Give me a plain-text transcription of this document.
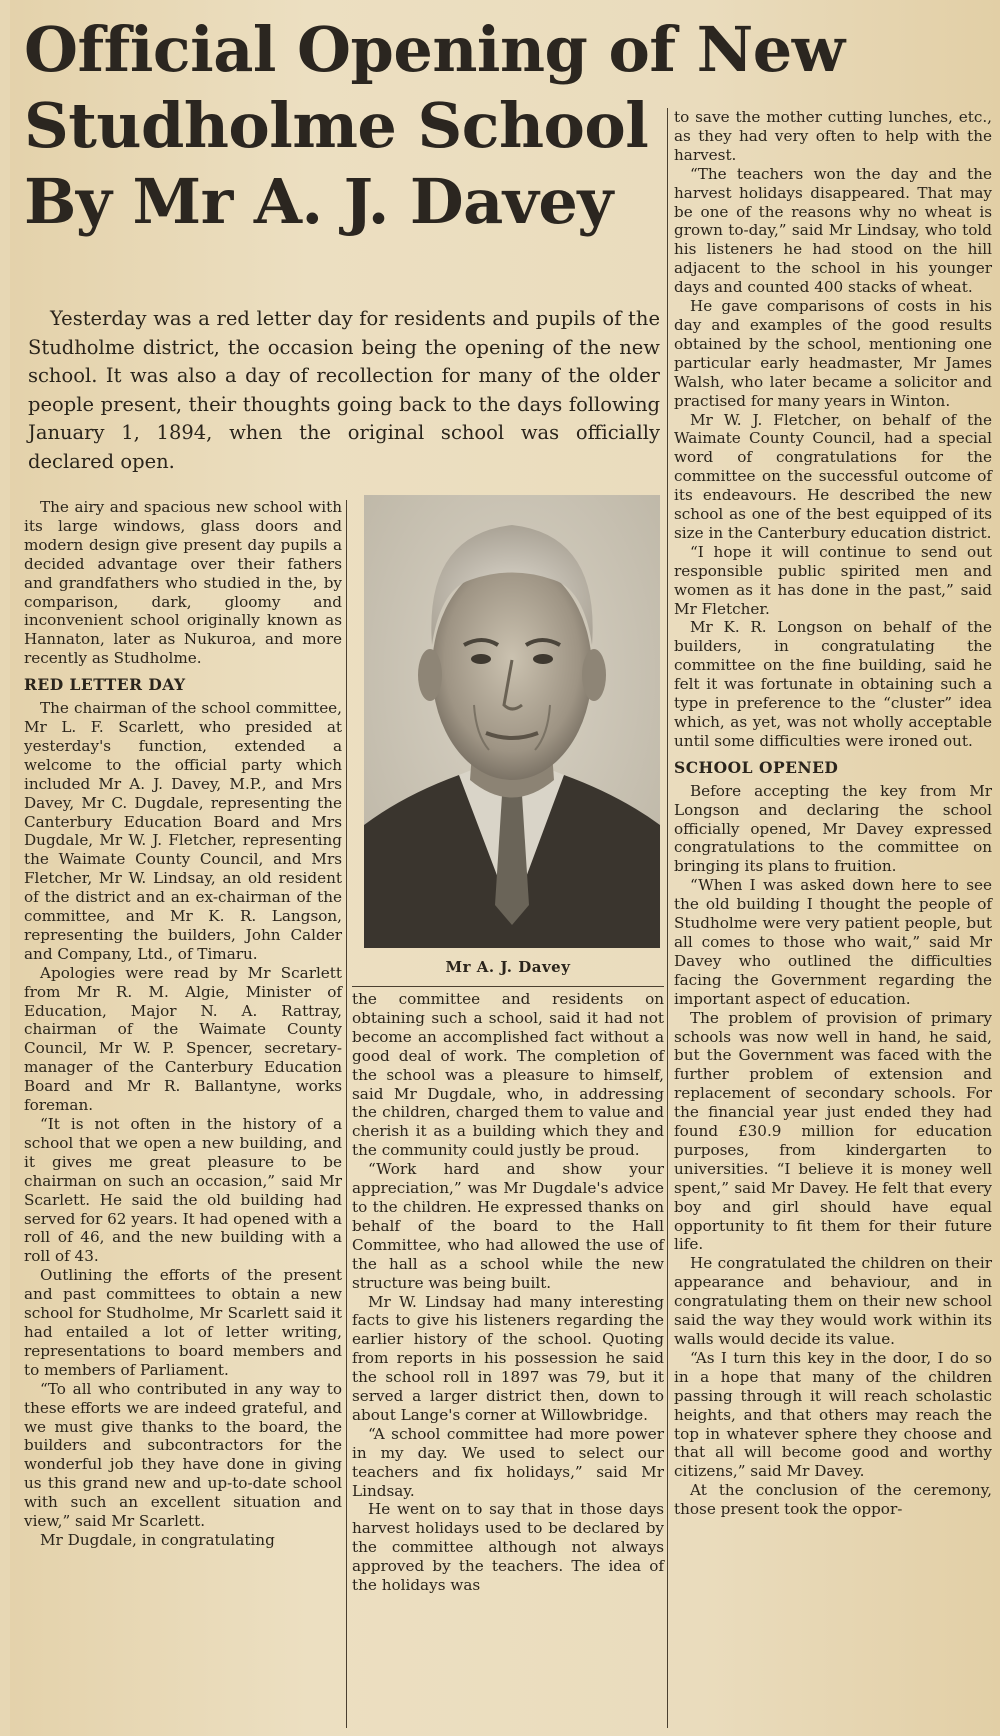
Official Opening of New
Studholme School
By Mr A. J. Davey

Yesterday was a red letter day for residents and pupils of the Studholme district, the occasion being the opening of the new school. It was also a day of recollection for many of the older people present, their thoughts going back to the days following January 1, 1894, when the original school was officially declared open.

The airy and spacious new school with its large windows, glass doors and modern design give present day pupils a decided advantage over their fathers and grandfathers who studied in the, by comparison, dark, gloomy and inconvenient school originally known as Hannaton, later as Nukuroa, and more recently as Studholme.

RED LETTER DAY

The chairman of the school committee, Mr L. F. Scarlett, who presided at yesterday's function, extended a welcome to the official party which included Mr A. J. Davey, M.P., and Mrs Davey, Mr C. Dugdale, representing the Canterbury Education Board and Mrs Dugdale, Mr W. J. Fletcher, representing the Waimate County Council, and Mrs Fletcher, Mr W. Lindsay, an old resident of the district and an ex-chairman of the committee, and Mr K. R. Langson, representing the builders, John Calder and Company, Ltd., of Timaru.

Apologies were read by Mr Scarlett from Mr R. M. Algie, Minister of Education, Major N. A. Rattray, chairman of the Waimate County Council, Mr W. P. Spencer, secretary-manager of the Canterbury Education Board and Mr R. Ballantyne, works foreman.

“It is not often in the history of a school that we open a new building, and it gives me great pleasure to be chairman on such an occasion,” said Mr Scarlett. He said the old building had served for 62 years. It had opened with a roll of 46, and the new building with a roll of 43.

Outlining the efforts of the present and past committees to obtain a new school for Studholme, Mr Scarlett said it had entailed a lot of letter writing, representations to board members and to members of Parliament.

“To all who contributed in any way to these efforts we are indeed grateful, and we must give thanks to the board, the builders and subcontractors for the wonderful job they have done in giving us this grand new and up-to-date school with such an excellent situation and view,” said Mr Scarlett.

Mr Dugdale, in congratulating

Mr A. J. Davey

the committee and residents on obtaining such a school, said it had not become an accomplished fact without a good deal of work. The completion of the school was a pleasure to himself, said Mr Dugdale, who, in addressing the children, charged them to value and cherish it as a building which they and the community could justly be proud.

“Work hard and show your appreciation,” was Mr Dugdale's advice to the children. He expressed thanks on behalf of the board to the Hall Committee, who had allowed the use of the hall as a school while the new structure was being built.

Mr W. Lindsay had many interesting facts to give his listeners regarding the earlier history of the school. Quoting from reports in his possession he said the school roll in 1897 was 79, but it served a larger district then, down to about Lange's corner at Willowbridge.

“A school committee had more power in my day. We used to select our teachers and fix holidays,” said Mr Lindsay.

He went on to say that in those days harvest holidays used to be declared by the committee although not always approved by the teachers. The idea of the holidays was

to save the mother cutting lunches, etc., as they had very often to help with the harvest.

“The teachers won the day and the harvest holidays disappeared. That may be one of the reasons why no wheat is grown to-day,” said Mr Lindsay, who told his listeners he had stood on the hill adjacent to the school in his younger days and counted 400 stacks of wheat.

He gave comparisons of costs in his day and examples of the good results obtained by the school, mentioning one particular early headmaster, Mr James Walsh, who later became a solicitor and practised for many years in Winton.

Mr W. J. Fletcher, on behalf of the Waimate County Council, had a special word of congratulations for the committee on the successful outcome of its endeavours. He described the new school as one of the best equipped of its size in the Canterbury education district.

“I hope it will continue to send out responsible public spirited men and women as it has done in the past,” said Mr Fletcher.

Mr K. R. Longson on behalf of the builders, in congratulating the committee on the fine building, said he felt it was fortunate in obtaining such a type in preference to the “cluster” idea which, as yet, was not wholly acceptable until some difficulties were ironed out.

SCHOOL OPENED

Before accepting the key from Mr Longson and declaring the school officially opened, Mr Davey expressed congratulations to the committee on bringing its plans to fruition.

“When I was asked down here to see the old building I thought the people of Studholme were very patient people, but all comes to those who wait,” said Mr Davey who outlined the difficulties facing the Government regarding the important aspect of education.

The problem of provision of primary schools was now well in hand, he said, but the Government was faced with the further problem of extension and replacement of secondary schools. For the financial year just ended they had found £30.9 million for education purposes, from kindergarten to universities. “I believe it is money well spent,” said Mr Davey. He felt that every boy and girl should have equal opportunity to fit them for their future life.

He congratulated the children on their appearance and behaviour, and in congratulating them on their new school said the way they would work within its walls would decide its value.

“As I turn this key in the door, I do so in a hope that many of the children passing through it will reach scholastic heights, and that others may reach the top in whatever sphere they choose and that all will become good and worthy citizens,” said Mr Davey.

At the conclusion of the ceremony, those present took the oppor-
